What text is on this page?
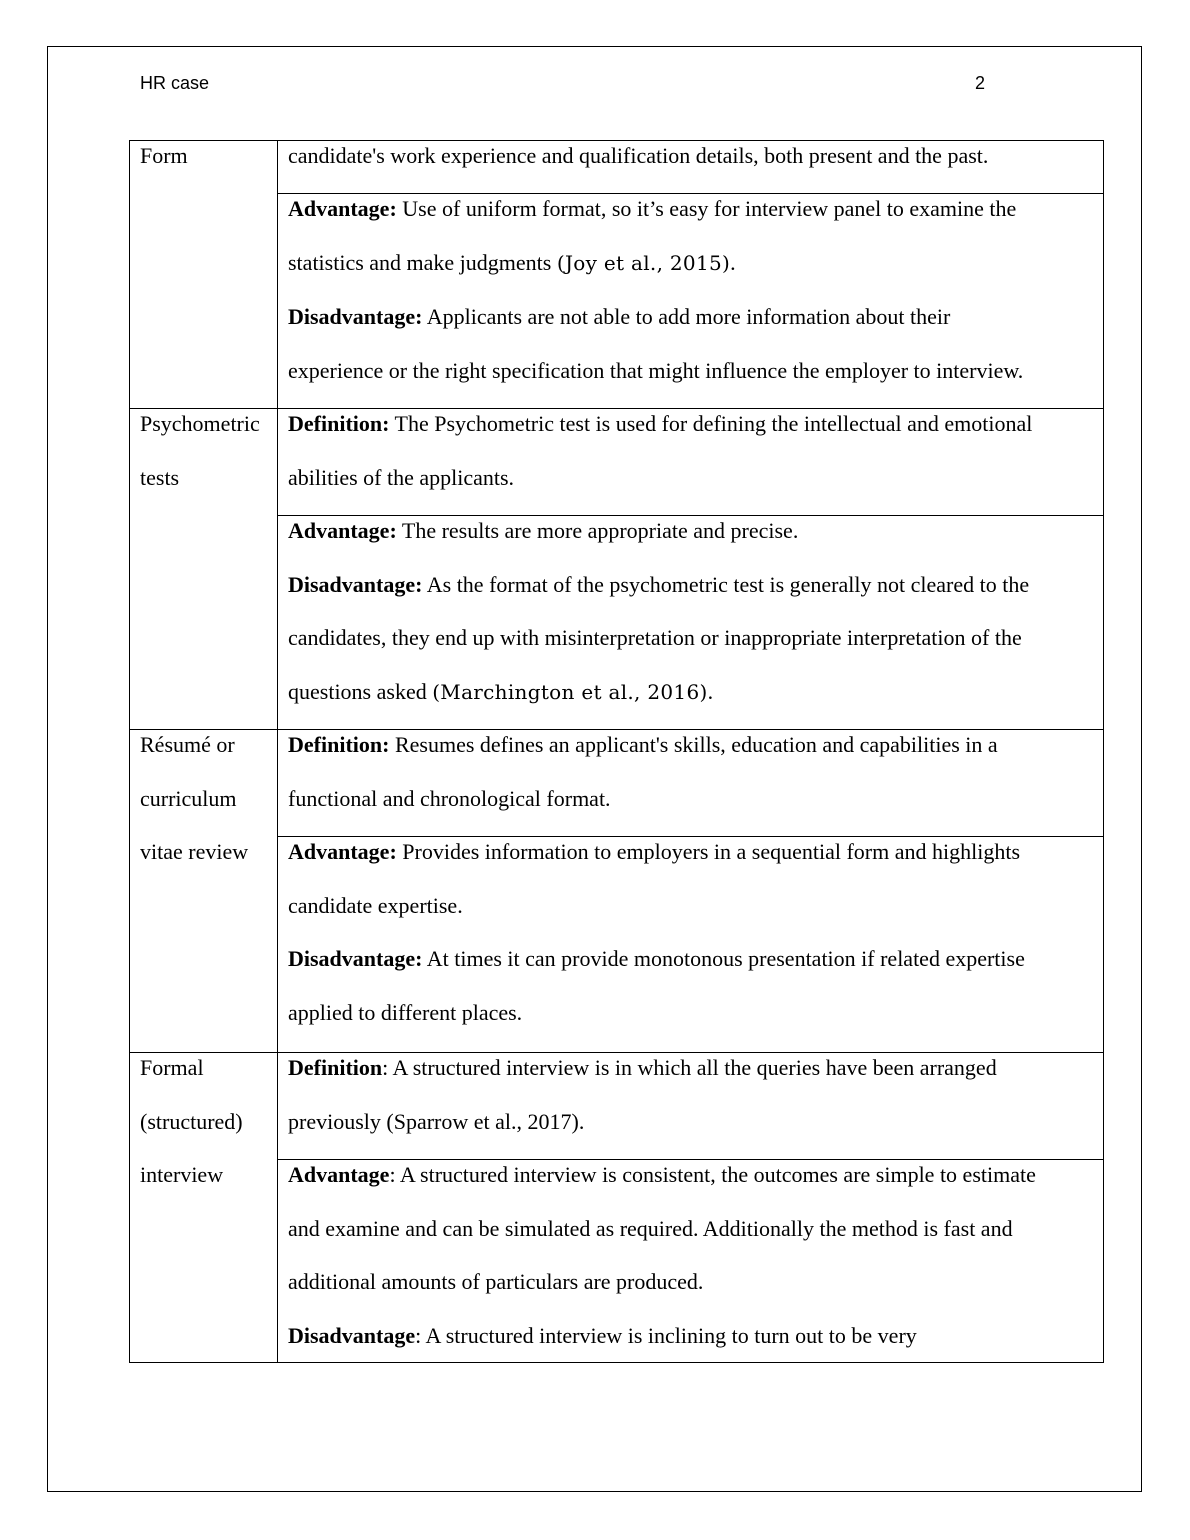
HR case	2
Form	candidate's work experience and qualification details, both present and the past.

	Advantage: Use of uniform format, so it’s easy for interview panel to examine the
statistics and make judgments (Joy et al., 2015).
Disadvantage: Applicants are not able to add more information about their
experience or the right specification that might influence the employer to interview.

Psychometric
tests	Definition: The Psychometric test is used for defining the intellectual and emotional
abilities of the applicants.

	Advantage: The results are more appropriate and precise.
Disadvantage: As the format of the psychometric test is generally not cleared to the
candidates, they end up with misinterpretation or inappropriate interpretation of the
questions asked (Marchington et al., 2016).

Résumé or
curriculum
vitae review	Definition: Resumes defines an applicant's skills, education and capabilities in a
functional and chronological format.

	Advantage: Provides information to employers in a sequential form and highlights
candidate expertise.
Disadvantage: At times it can provide monotonous presentation if related expertise
applied to different places.

Formal
(structured)
interview	Definition: A structured interview is in which all the queries have been arranged
previously (Sparrow et al., 2017).

	Advantage: A structured interview is consistent, the outcomes are simple to estimate
and examine and can be simulated as required. Additionally the method is fast and
additional amounts of particulars are produced.
Disadvantage: A structured interview is inclining to turn out to be very
